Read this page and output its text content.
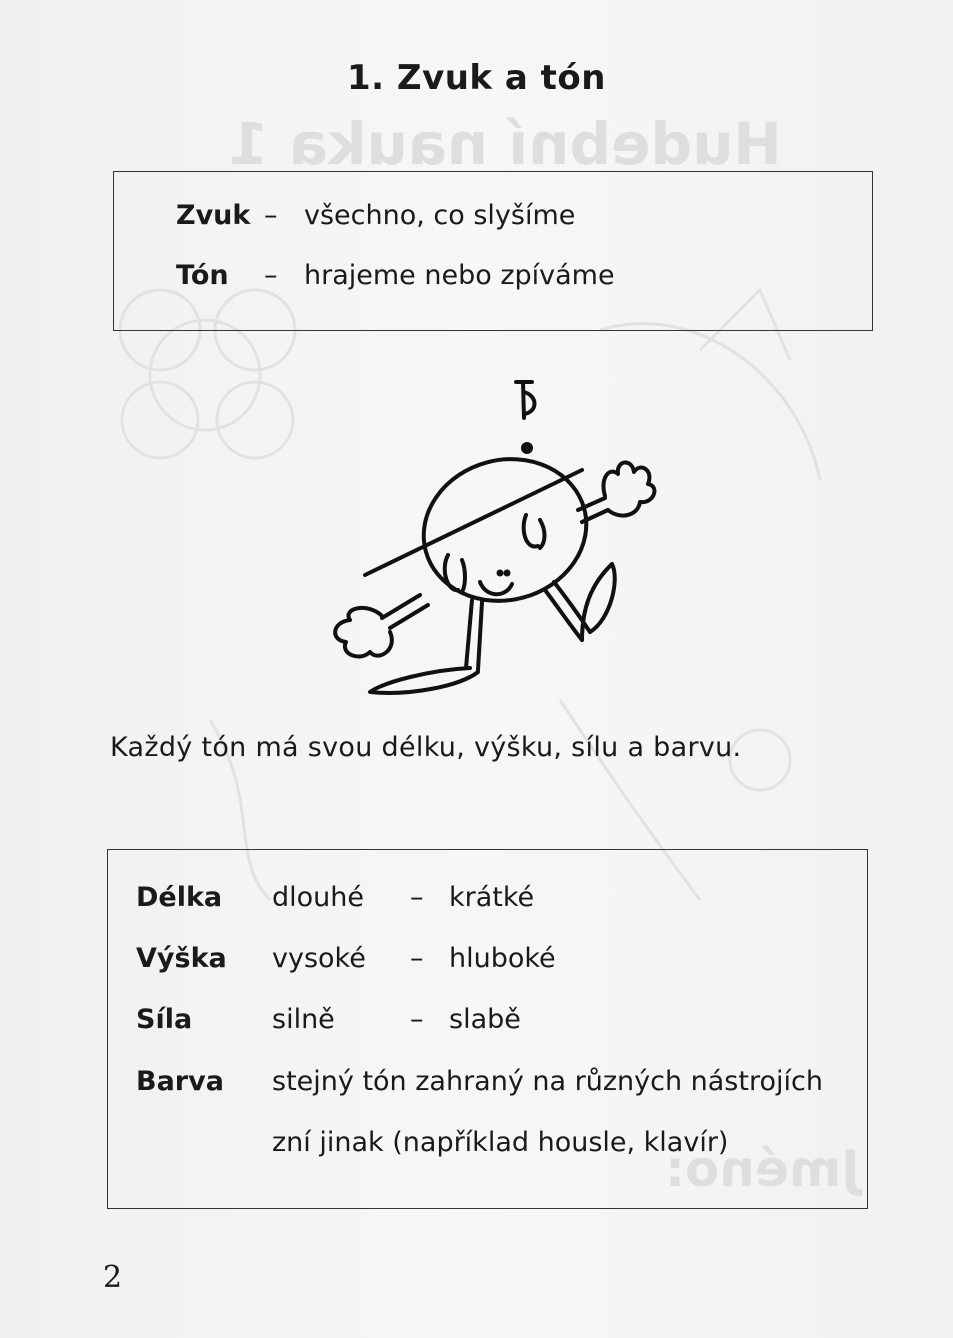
Hudební nauka 1
Jméno:
1. Zvuk a tón
Zvuk – všechno, co slyšíme
Tón – hrajeme nebo zpíváme
Každý tón má svou délku, výšku, sílu a barvu.
Délka dlouhé – krátké
Výška vysoké – hluboké
Síla	silně	– slabě
Barva stejný tón zahraný na různých nástrojích
zní jinak (například housle, klavír)
2
